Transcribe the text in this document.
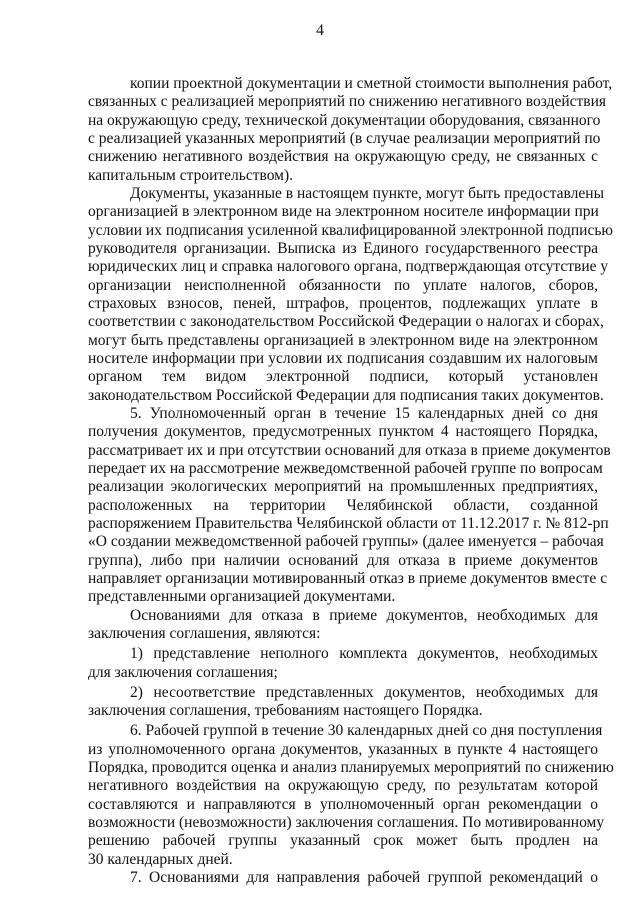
4
копии проектной документации и сметной стоимости выполнения работ,
связанных с реализацией мероприятий по снижению негативного воздействия
на окружающую среду, технической документации оборудования, связанного
с реализацией указанных мероприятий (в случае реализации мероприятий по
снижению негативного воздействия на окружающую среду, не связанных с
капитальным строительством).
Документы, указанные в настоящем пункте, могут быть предоставлены
организацией в электронном виде на электронном носителе информации при
условии их подписания усиленной квалифицированной электронной подписью
руководителя организации. Выписка из Единого государственного реестра
юридических лиц и справка налогового органа, подтверждающая отсутствие у
организации неисполненной обязанности по уплате налогов, сборов,
страховых взносов, пеней, штрафов, процентов, подлежащих уплате в
соответствии с законодательством Российской Федерации о налогах и сборах,
могут быть представлены организацией в электронном виде на электронном
носителе информации при условии их подписания создавшим их налоговым
органом тем видом электронной подписи, который установлен
законодательством Российской Федерации для подписания таких документов.
5. Уполномоченный орган в течение 15 календарных дней со дня
получения документов, предусмотренных пунктом 4 настоящего Порядка,
рассматривает их и при отсутствии оснований для отказа в приеме документов
передает их на рассмотрение межведомственной рабочей группе по вопросам
реализации экологических мероприятий на промышленных предприятиях,
расположенных на территории Челябинской области, созданной
распоряжением Правительства Челябинской области от 11.12.2017 г. № 812-рп
«О создании межведомственной рабочей группы» (далее именуется – рабочая
группа), либо при наличии оснований для отказа в приеме документов
направляет организации мотивированный отказ в приеме документов вместе с
представленными организацией документами.
Основаниями для отказа в приеме документов, необходимых для
заключения соглашения, являются:
1) представление неполного комплекта документов, необходимых
для заключения соглашения;
2) несоответствие представленных документов, необходимых для
заключения соглашения, требованиям настоящего Порядка.
6. Рабочей группой в течение 30 календарных дней со дня поступления
из уполномоченного органа документов, указанных в пункте 4 настоящего
Порядка, проводится оценка и анализ планируемых мероприятий по снижению
негативного воздействия на окружающую среду, по результатам которой
составляются и направляются в уполномоченный орган рекомендации о
возможности (невозможности) заключения соглашения. По мотивированному
решению рабочей группы указанный срок может быть продлен на
30 календарных дней.
7. Основаниями для направления рабочей группой рекомендаций о
